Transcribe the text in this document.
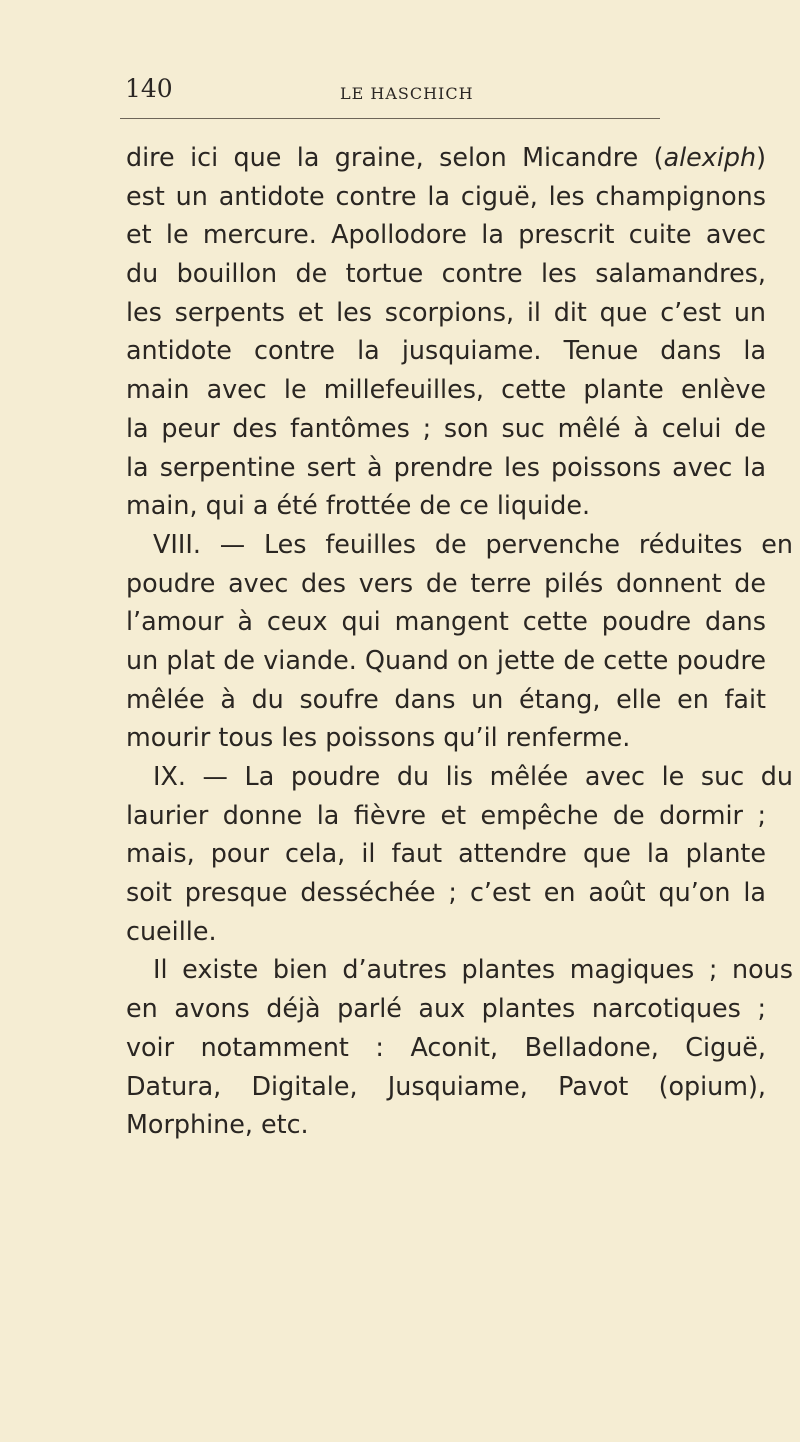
140	LE HASCHICH
dire ici que la graine, selon Micandre (alexiph)
est un antidote contre la ciguë, les champignons
et le mercure. Apollodore la prescrit cuite avec
du bouillon de tortue contre les salamandres,
les serpents et les scorpions, il dit que c’est un
antidote contre la jusquiame. Tenue dans la
main avec le millefeuilles, cette plante enlève
la peur des fantômes ; son suc mêlé à celui de
la serpentine sert à prendre les poissons avec la
main, qui a été frottée de ce liquide.
VIII. — Les feuilles de pervenche réduites en
poudre avec des vers de terre pilés donnent de
l’amour à ceux qui mangent cette poudre dans
un plat de viande. Quand on jette de cette poudre
mêlée à du soufre dans un étang, elle en fait
mourir tous les poissons qu’il renferme.
IX. — La poudre du lis mêlée avec le suc du
laurier donne la fièvre et empêche de dormir ;
mais, pour cela, il faut attendre que la plante
soit presque desséchée ; c’est en août qu’on la
cueille.
Il existe bien d’autres plantes magiques ; nous
en avons déjà parlé aux plantes narcotiques ;
voir notamment : Aconit, Belladone, Ciguë,
Datura, Digitale, Jusquiame, Pavot (opium),
Morphine, etc.
